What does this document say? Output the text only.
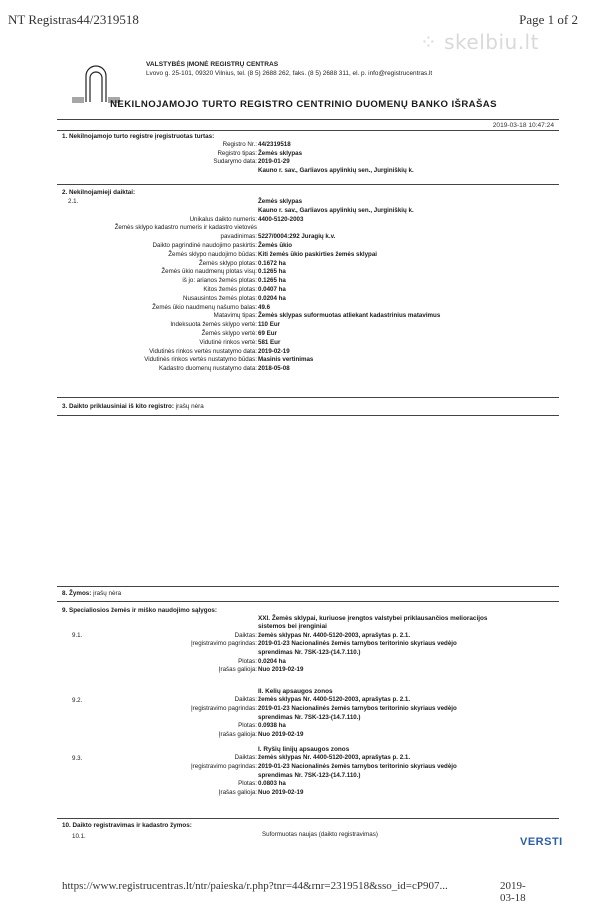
NT Registras44/2319518	Page 1 of 2
⁘ skelbiu.lt
VALSTYBĖS ĮMONĖ REGISTRŲ CENTRAS
Lvovo g. 25-101, 09320 Vilnius, tel. (8 5) 2688 262, faks. (8 5) 2688 311, el. p. info@registrucentras.lt
NEKILNOJAMOJO TURTO REGISTRO CENTRINIO DUOMENŲ BANKO IŠRAŠAS
2019-03-18 10:47:24
1. Nekilnojamojo turto registre įregistruotas turtas:
Registro Nr.: 44/2319518
Registro tipas: Žemės sklypas
Sudarymo data: 2019-01-29
Kauno r. sav., Garliavos apylinkių sen., Jurginiškių k.
2. Nekilnojamieji daiktai:
2.1.	Žemės sklypas
Kauno r. sav., Garliavos apylinkių sen., Jurginiškių k.
Unikalus daikto numeris: 4400-5120-2003
Žemės sklypo kadastro numeris ir kadastro vietovės
pavadinimas: 5227/0004:292 Juragių k.v.
Daikto pagrindinė naudojimo paskirtis: Žemės ūkio
Žemės sklypo naudojimo būdas: Kiti žemės ūkio paskirties žemės sklypai
Žemės sklypo plotas: 0.1672 ha
Žemės ūkio naudmenų plotas visų: 0.1265 ha
iš jo: arianos žemės plotas: 0.1265 ha
Kitos žemės plotas: 0.0407 ha
Nusausintos žemės plotas: 0.0204 ha
Žemės ūkio naudmenų našumo balas: 49.6
Matavimų tipas: Žemės sklypas suformuotas atliekant kadastrinius matavimus
Indeksuota žemės sklypo vertė: 110 Eur
Žemės sklypo vertė: 69 Eur
Vidutinė rinkos vertė: 581 Eur
Vidutinės rinkos vertės nustatymo data: 2019-02-19
Vidutinės rinkos vertės nustatymo būdas: Masinis vertinimas
Kadastro duomenų nustatymo data: 2018-05-08
3. Daikto priklausiniai iš kito registro: įrašų nėra
8. Žymos: įrašų nėra
9. Specialiosios žemės ir miško naudojimo sąlygos:
9.1.
XXI. Žemės sklypai, kuriuose įrengtos valstybei priklausančios melioracijos
sistemos bei įrenginiai
Daiktas: žemės sklypas Nr. 4400-5120-2003, aprašytas p. 2.1.
Įregistravimo pagrindas: 2019-01-23 Nacionalinės žemės tarnybos teritorinio skyriaus vedėjo
sprendimas Nr. 7SK-123-(14.7.110.)
Plotas: 0.0204 ha
Įrašas galioja: Nuo 2019-02-19
9.2.
II. Kelių apsaugos zonos
Daiktas: žemės sklypas Nr. 4400-5120-2003, aprašytas p. 2.1.
Įregistravimo pagrindas: 2019-01-23 Nacionalinės žemės tarnybos teritorinio skyriaus vedėjo
sprendimas Nr. 7SK-123-(14.7.110.)
Plotas: 0.0938 ha
Įrašas galioja: Nuo 2019-02-19
9.3.
I. Ryšių linijų apsaugos zonos
Daiktas: žemės sklypas Nr. 4400-5120-2003, aprašytas p. 2.1.
Įregistravimo pagrindas: 2019-01-23 Nacionalinės žemės tarnybos teritorinio skyriaus vedėjo
sprendimas Nr. 7SK-123-(14.7.110.)
Plotas: 0.0803 ha
Įrašas galioja: Nuo 2019-02-19
10. Daikto registravimas ir kadastro žymos:
10.1.	Suformuotas naujas (daikto registravimas)
VERSTI
https://www.registrucentras.lt/ntr/paieska/r.php?tnr=44&rnr=2319518&sso_id=cP907...	2019-03-18
